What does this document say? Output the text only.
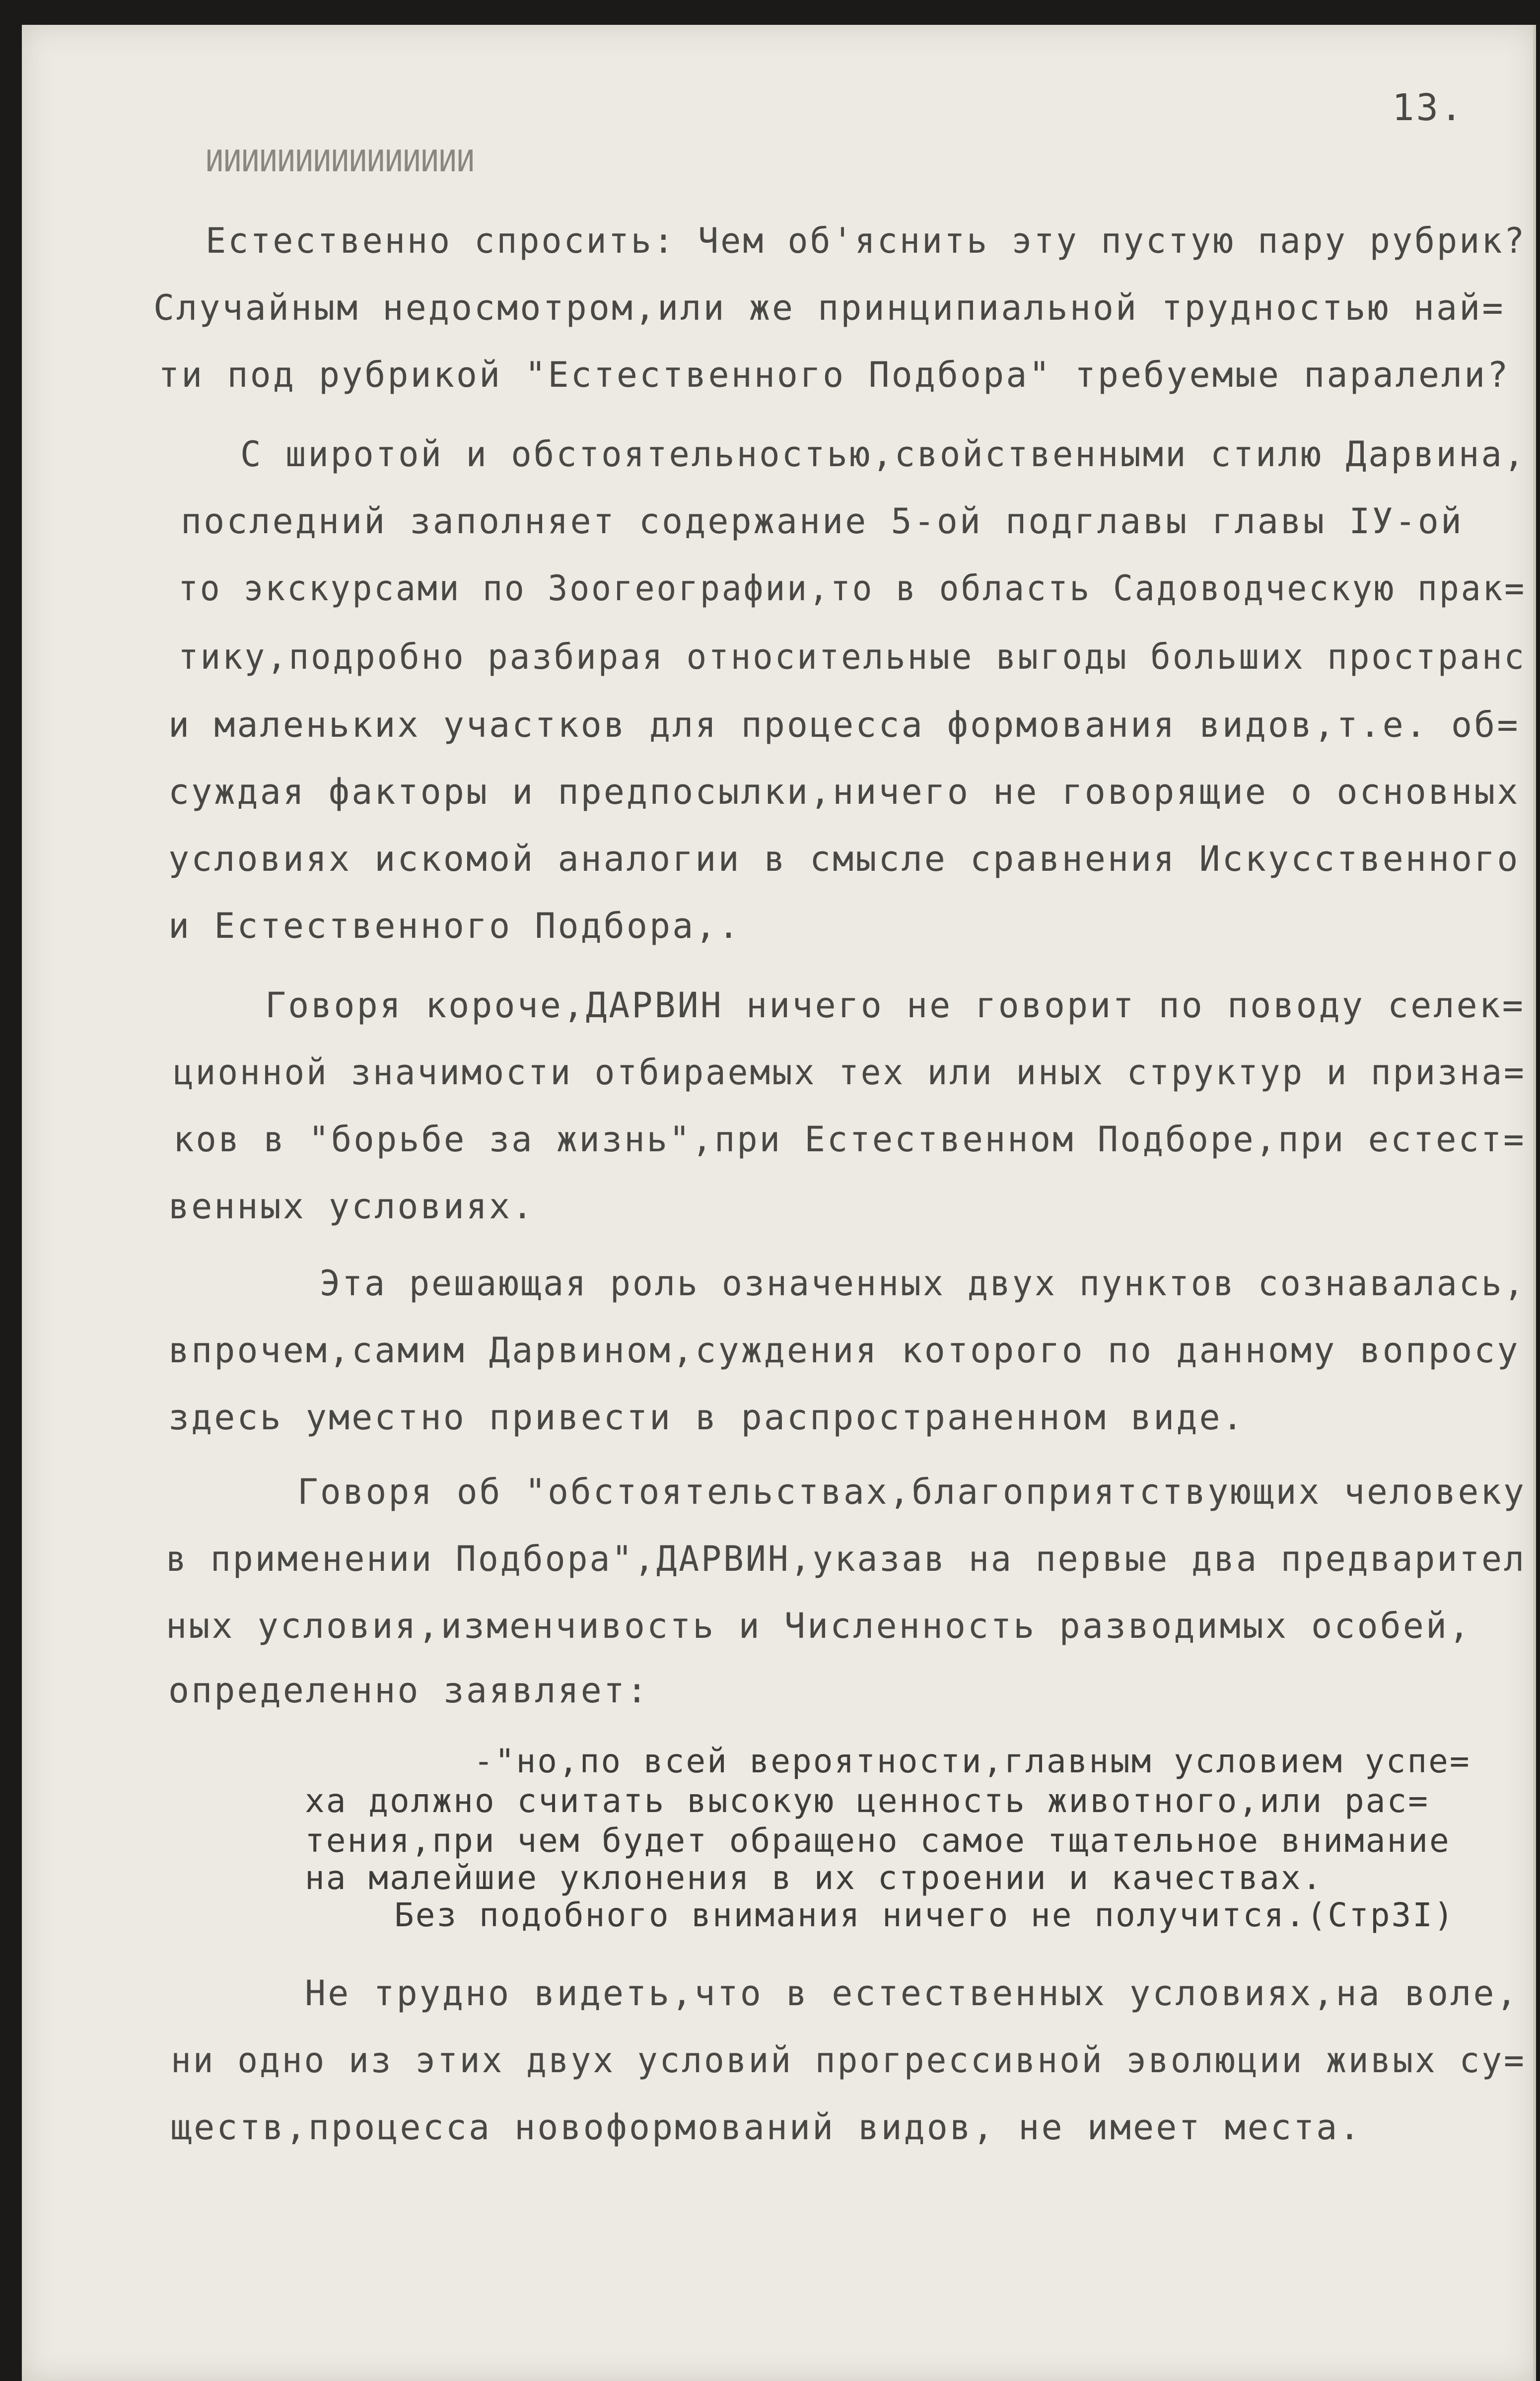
13.
ИИИИИИИИИИИИИИИ
Естественно спросить: Чем об'яснить эту пустую пару рубрик?
Случайным недосмотром,или же принципиальной трудностью най=
ти под рубрикой "Естественного Подбора" требуемые паралели?
С широтой и обстоятельностью,свойственными стилю Дарвина,
последний заполняет содержание 5-ой подглавы главы IУ-ой
то экскурсами по Зоогеографии,то в область Садоводческую прак=
тику,подробно разбирая относительные выгоды больших пространс
и маленьких участков для процесса формования видов,т.е. об=
суждая факторы и предпосылки,ничего не говорящие о основных
условиях искомой аналогии в смысле сравнения Искусственного
и Естественного Подбора,.
Говоря короче,ДАРВИН ничего не говорит по поводу селек=
ционной значимости отбираемых тех или иных структур и призна=
ков в "борьбе за жизнь",при Естественном Подборе,при естест=
венных условиях.
Эта решающая роль означенных двух пунктов сознавалась,
впрочем,самим Дарвином,суждения которого по данному вопросу
здесь уместно привести в распространенном виде.
Говоря об "обстоятельствах,благоприятствующих человеку
в применении Подбора",ДАРВИН,указав на первые два предварител
ных условия,изменчивость и Численность разводимых особей,
определенно заявляет:
-"но,по всей вероятности,главным условием успе=
ха должно считать высокую ценность животного,или рас=
тения,при чем будет обращено самое тщательное внимание
на малейшие уклонения в их строении и качествах.
Без подобного внимания ничего не получится.(Стр3I)
Не трудно видеть,что в естественных условиях,на воле,
ни одно из этих двух условий прогрессивной эволюции живых су=
ществ,процесса новоформований видов, не имеет места.
